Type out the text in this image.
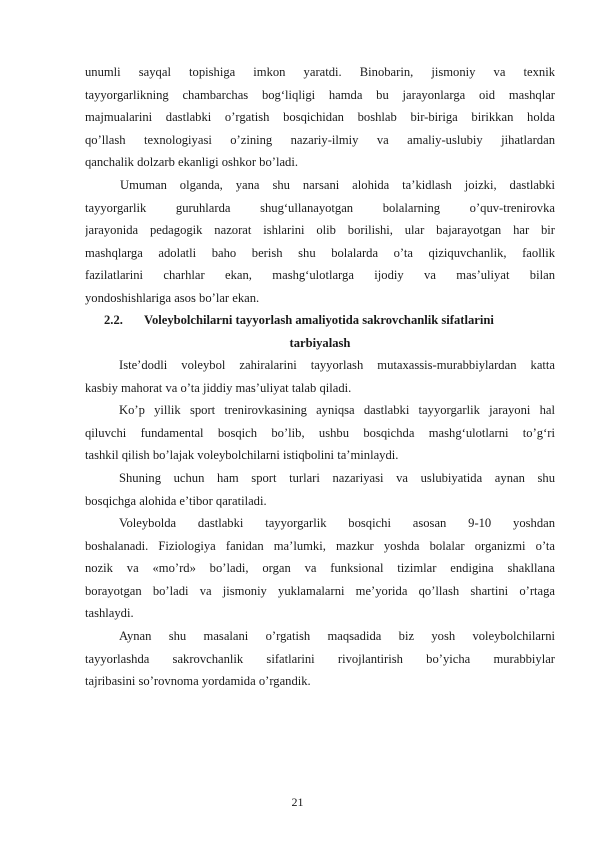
unumli sayqal topishiga imkon yaratdi. Binobarin, jismoniy va texnik
tayyorgarlikning chambarchas bog‘liqligi hamda bu jarayonlarga oid mashqlar
majmualarini dastlabki o’rgatish bosqichidan boshlab bir-biriga birikkan holda
qo’llash texnologiyasi o’zining nazariy-ilmiy va amaliy-uslubiy jihatlardan
qanchalik dolzarb ekanligi oshkor bo’ladi.
Umuman olganda, yana shu narsani alohida ta’kidlash joizki, dastlabki
tayyorgarlik guruhlarda shug‘ullanayotgan bolalarning o’quv-trenirovka
jarayonida pedagogik nazorat ishlarini olib borilishi, ular bajarayotgan har bir
mashqlarga adolatli baho berish shu bolalarda o’ta qiziquvchanlik, faollik
fazilatlarini charhlar ekan, mashg‘ulotlarga ijodiy va mas’uliyat bilan
yondoshishlariga asos bo’lar ekan.
2.2. Voleybolchilarni tayyorlash amaliyotida sakrovchanlik sifatlarini
tarbiyalash
Iste’dodli voleybol zahiralarini tayyorlash mutaxassis-murabbiylardan katta
kasbiy mahorat va o’ta jiddiy mas’uliyat talab qiladi.
Ko’p yillik sport trenirovkasining ayniqsa dastlabki tayyorgarlik jarayoni hal
qiluvchi fundamental bosqich bo’lib, ushbu bosqichda mashg‘ulotlarni to’g‘ri
tashkil qilish bo’lajak voleybolchilarni istiqbolini ta’minlaydi.
Shuning uchun ham sport turlari nazariyasi va uslubiyatida aynan shu
bosqichga alohida e’tibor qaratiladi.
Voleybolda dastlabki tayyorgarlik bosqichi asosan 9-10 yoshdan
boshalanadi. Fiziologiya fanidan ma’lumki, mazkur yoshda bolalar organizmi o’ta
nozik va «mo’rd» bo’ladi, organ va funksional tizimlar endigina shakllana
borayotgan bo’ladi va jismoniy yuklamalarni me’yorida qo’llash shartini o’rtaga
tashlaydi.
Aynan shu masalani o’rgatish maqsadida biz yosh voleybolchilarni
tayyorlashda sakrovchanlik sifatlarini rivojlantirish bo’yicha murabbiylar
tajribasini so’rovnoma yordamida o’rgandik.
21
